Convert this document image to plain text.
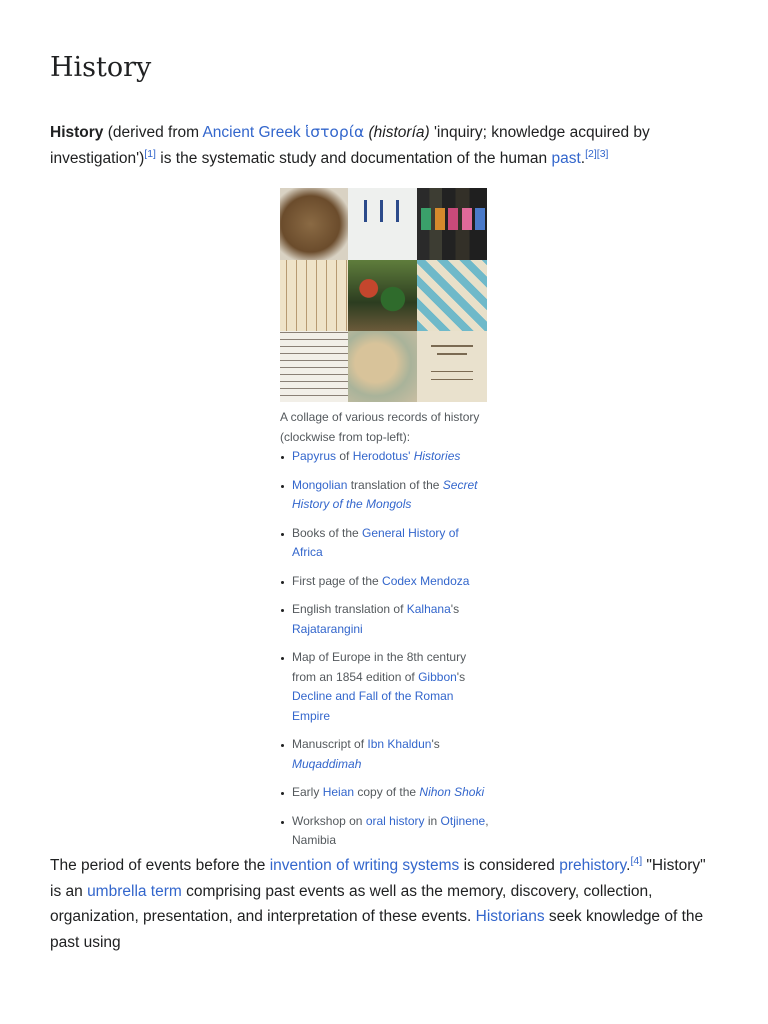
History

History (derived from Ancient Greek ἱστορία (historía) 'inquiry; knowledge acquired by investigation')[1] is the systematic study and documentation of the human past.[2][3]

A collage of various records of history (clockwise from top-left):
Papyrus of Herodotus' Histories
Mongolian translation of the Secret History of the Mongols
Books of the General History of Africa
First page of the Codex Mendoza
English translation of Kalhana's Rajatarangini
Map of Europe in the 8th century from an 1854 edition of Gibbon's Decline and Fall of the Roman Empire
Manuscript of Ibn Khaldun's Muqaddimah
Early Heian copy of the Nihon Shoki
Workshop on oral history in Otjinene, Namibia

The period of events before the invention of writing systems is considered prehistory.[4] "History" is an umbrella term comprising past events as well as the memory, discovery, collection, organization, presentation, and interpretation of these events. Historians seek knowledge of the past using
